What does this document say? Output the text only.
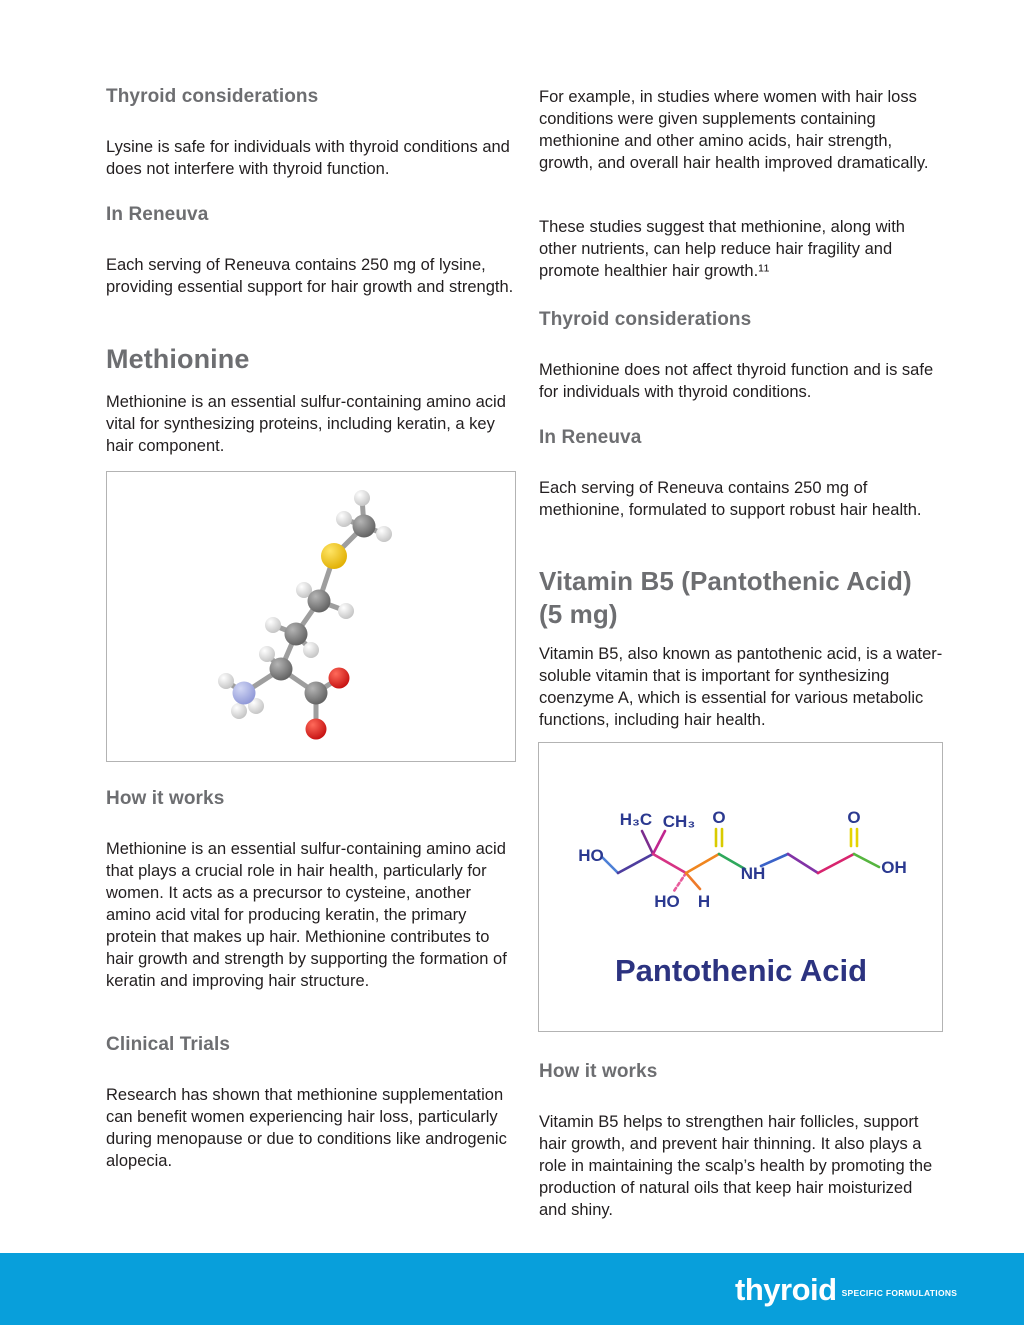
Thyroid considerations

Lysine is safe for individuals with thyroid conditions and does not interfere with thyroid function.

In Reneuva

Each serving of Reneuva contains 250 mg of lysine, providing essential support for hair growth and strength.

Methionine

Methionine is an essential sulfur-containing amino acid vital for synthesizing proteins, including keratin, a key hair component.

How it works

Methionine is an essential sulfur-containing amino acid that plays a crucial role in hair health, particularly for women. It acts as a precursor to cysteine, another amino acid vital for producing keratin, the primary protein that makes up hair. Methionine contributes to hair growth and strength by supporting the formation of keratin and improving hair structure.

Clinical Trials

Research has shown that methionine supplementation can benefit women experiencing hair loss, particularly during menopause or due to conditions like androgenic alopecia.

For example, in studies where women with hair loss conditions were given supplements containing methionine and other amino acids, hair strength, growth, and overall hair health improved dramatically.

These studies suggest that methionine, along with other nutrients, can help reduce hair fragility and promote healthier hair growth.¹¹

Thyroid considerations

Methionine does not affect thyroid function and is safe for individuals with thyroid conditions.

In Reneuva

Each serving of Reneuva contains 250 mg of methionine, formulated to support robust hair health.

Vitamin B5 (Pantothenic Acid) (5 mg)

Vitamin B5, also known as pantothenic acid, is a water-soluble vitamin that is important for synthesizing coenzyme A, which is essential for various metabolic functions, including hair health.

HO
H₃C CH₃ O
NH
HO H
O
OH
Pantothenic Acid
How it works

Vitamin B5 helps to strengthen hair follicles, support hair growth, and prevent hair thinning. It also plays a role in maintaining the scalp’s health by promoting the production of natural oils that keep hair moisturized and shiny.

thyroid SPECIFIC FORMULATIONS
